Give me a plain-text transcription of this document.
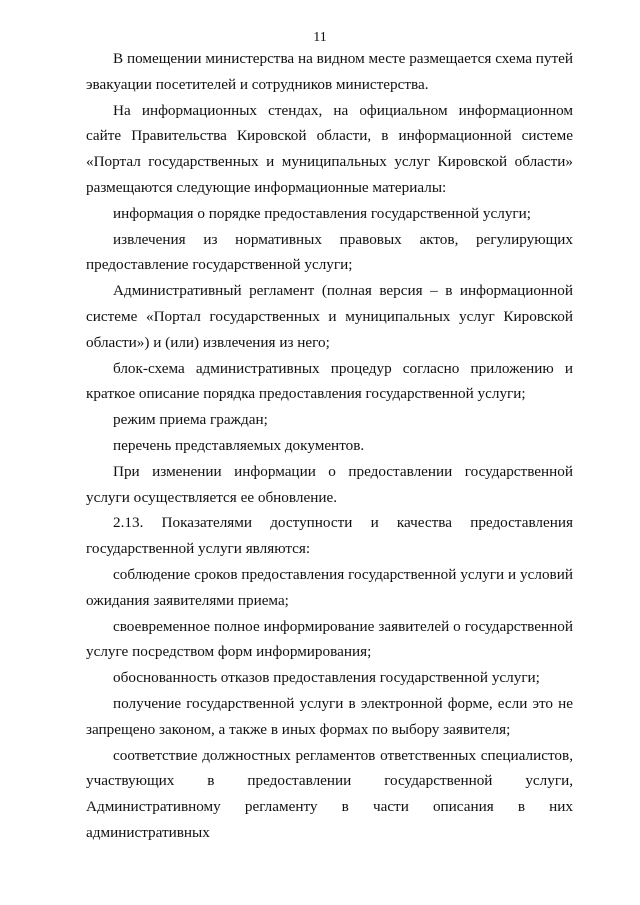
11

В помещении министерства на видном месте размещается схема путей эвакуации посетителей и сотрудников министерства.

На информационных стендах, на официальном информационном сайте Правительства Кировской области, в информационной системе «Портал государственных и муниципальных услуг Кировской области» размещаются следующие информационные материалы:

информация о порядке предоставления государственной услуги;

извлечения из нормативных правовых актов, регулирующих предоставление государственной услуги;

Административный регламент (полная версия – в информационной системе «Портал государственных и муниципальных услуг Кировской области») и (или) извлечения из него;

блок-схема административных процедур согласно приложению и краткое описание порядка предоставления государственной услуги;

режим приема граждан;

перечень представляемых документов.

При изменении информации о предоставлении государственной услуги осуществляется ее обновление.

2.13. Показателями доступности и качества предоставления государственной услуги являются:

соблюдение сроков предоставления государственной услуги и условий ожидания заявителями приема;

своевременное полное информирование заявителей о государственной услуге посредством форм информирования;

обоснованность отказов предоставления государственной услуги;

получение государственной услуги в электронной форме, если это не запрещено законом, а также в иных формах по выбору заявителя;

соответствие должностных регламентов ответственных специалистов, участвующих в предоставлении государственной услуги, Административному регламенту в части описания в них административных
